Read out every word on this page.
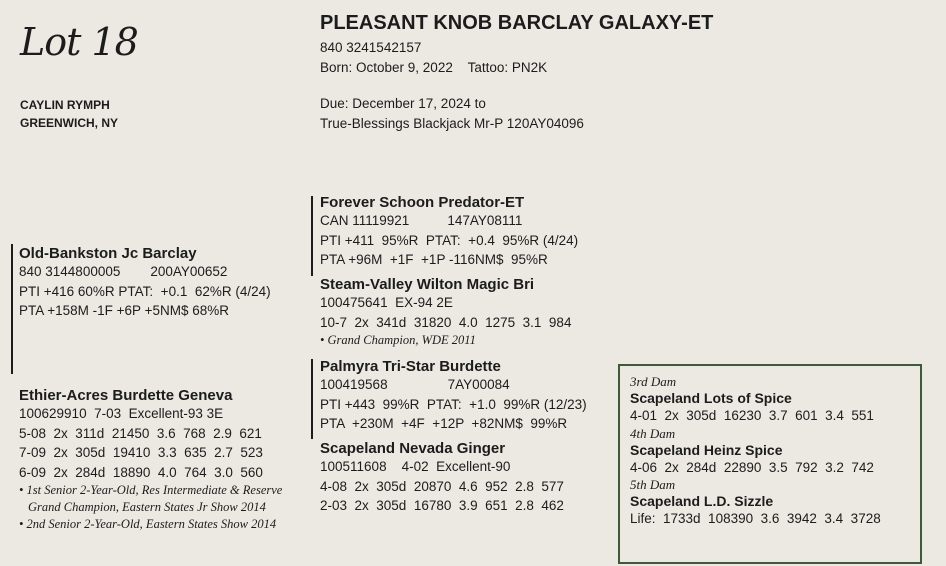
Lot 18
CAYLIN RYMPH
GREENWICH, NY
PLEASANT KNOB BARCLAY GALAXY-ET
840 3241542157
Born: October 9, 2022    Tattoo: PN2K
Due: December 17, 2024 to
True-Blessings Blackjack Mr-P 120AY04096
Old-Bankston Jc Barclay
840 3144800005 200AY00652
PTI +416 60%R PTAT:  +0.1  62%R (4/24)
PTA +158M -1F +6P +5NM$ 68%R
Ethier-Acres Burdette Geneva
100629910  7-03  Excellent-93 3E
5-08  2x  311d  21450  3.6  768  2.9  621
7-09  2x  305d  19410  3.3  635  2.7  523
6-09  2x  284d  18890  4.0  764  3.0  560
• 1st Senior 2-Year-Old, Res Intermediate & Reserve
Grand Champion, Eastern States Jr Show 2014
• 2nd Senior 2-Year-Old, Eastern States Show 2014
Forever Schoon Predator-ET
CAN 11119921	147AY08111
PTI +411  95%R  PTAT:  +0.4  95%R (4/24)
PTA +96M  +1F  +1P -116NM$  95%R
Steam-Valley Wilton Magic Bri
100475641  EX-94 2E
10-7  2x  341d  31820  4.0  1275  3.1  984
• Grand Champion, WDE 2011
Palmyra Tri-Star Burdette
100419568	7AY00084
PTI +443  99%R  PTAT:  +1.0  99%R (12/23)
PTA  +230M  +4F  +12P  +82NM$  99%R
Scapeland Nevada Ginger
100511608    4-02  Excellent-90
4-08  2x  305d  20870  4.6  952  2.8  577
2-03  2x  305d  16780  3.9  651  2.8  462
3rd Dam
Scapeland Lots of Spice
4-01  2x  305d  16230  3.7  601  3.4  551
4th Dam
Scapeland Heinz Spice
4-06  2x  284d  22890  3.5  792  3.2  742
5th Dam
Scapeland L.D. Sizzle
Life:  1733d  108390  3.6  3942  3.4  3728
